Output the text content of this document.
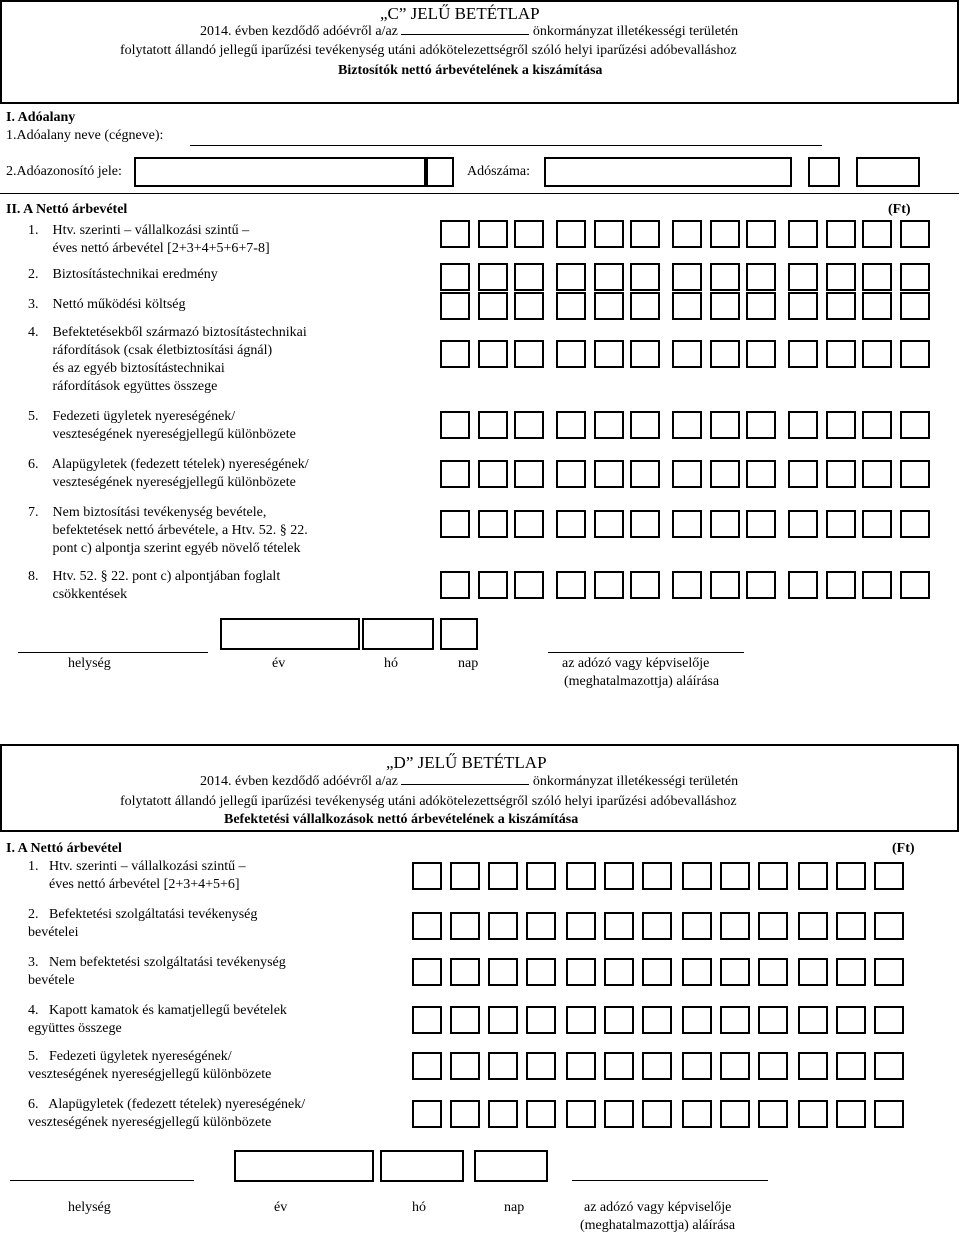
„C” JELŰ BETÉTLAP
2014. évben kezdődő adóévről a/az	önkormányzat illetékességi területén
folytatott állandó jellegű iparűzési tevékenység utáni adókötelezettségről szóló helyi iparűzési adóbevalláshoz
Biztosítók nettó árbevételének a kiszámítása
I. Adóalany
1.Adóalany neve (cégneve):
2.Adóazonosító jele:	Adószáma:
II. A Nettó árbevétel	(Ft)
1.    Htv. szerinti – vállalkozási szintű –
éves nettó árbevétel [2+3+4+5+6+7-8]
2.    Biztosítástechnikai eredmény
3.    Nettó működési költség
4.    Befektetésekből származó biztosítástechnikai
ráfordítások (csak életbiztosítási ágnál)
és az egyéb biztosítástechnikai
ráfordítások együttes összege
5.    Fedezeti ügyletek nyereségének/
veszteségének nyereségjellegű különbözete
6.    Alapügyletek (fedezett tételek) nyereségének/
veszteségének nyereségjellegű különbözete
7.    Nem biztosítási tevékenység bevétele,
befektetések nettó árbevétele, a Htv. 52. § 22.
pont c) alpontja szerint egyéb növelő tételek
8.    Htv. 52. § 22. pont c) alpontjában foglalt
csökkentések
helység	év	hó	nap	az adózó vagy képviselője
(meghatalmazottja) aláírása
„D” JELŰ BETÉTLAP
2014. évben kezdődő adóévről a/az	önkormányzat illetékességi területén
folytatott állandó jellegű iparűzési tevékenység utáni adókötelezettségről szóló helyi iparűzési adóbevalláshoz
Befektetési vállalkozások nettó árbevételének a kiszámítása
I. A Nettó árbevétel	(Ft)
1.   Htv. szerinti – vállalkozási szintű –
éves nettó árbevétel [2+3+4+5+6]
2.   Befektetési szolgáltatási tevékenység
bevételei
3.   Nem befektetési szolgáltatási tevékenység
bevétele
4.   Kapott kamatok és kamatjellegű bevételek
együttes összege
5.   Fedezeti ügyletek nyereségének/
veszteségének nyereségjellegű különbözete
6.   Alapügyletek (fedezett tételek) nyereségének/
veszteségének nyereségjellegű különbözete
helység	év	hó	nap	az adózó vagy képviselője
(meghatalmazottja) aláírása
